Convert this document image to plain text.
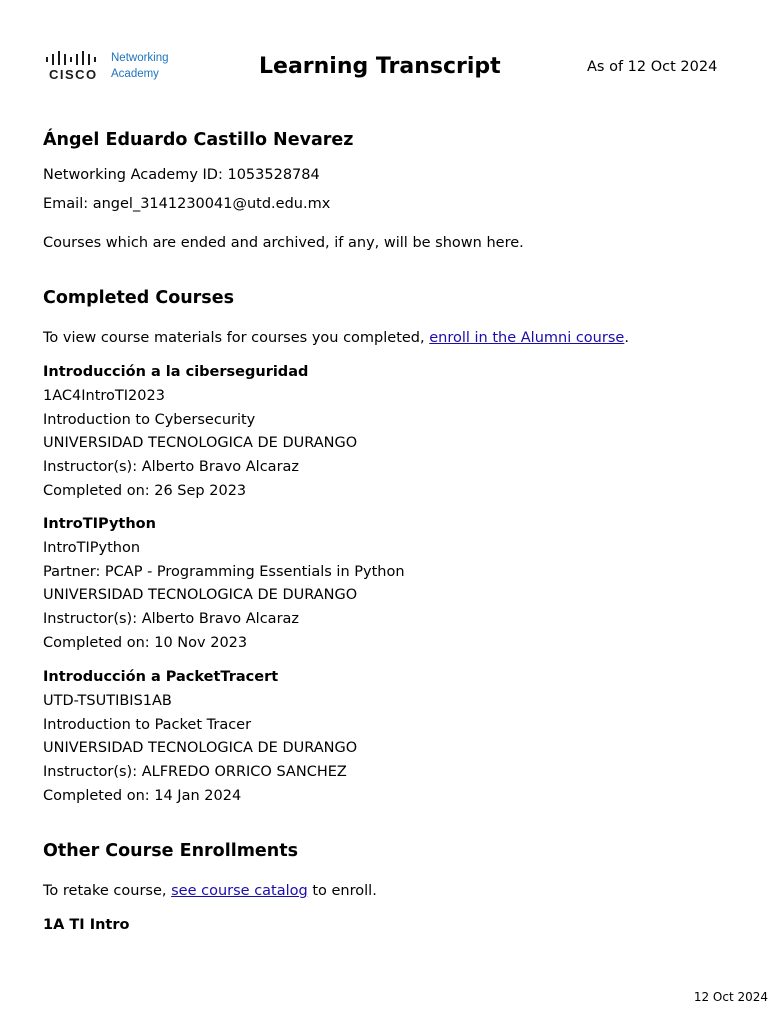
CISCO
Networking
Academy	Learning Transcript	As of 12 Oct 2024
Ángel Eduardo Castillo Nevarez
Networking Academy ID: 1053528784
Email: angel_3141230041@utd.edu.mx
Courses which are ended and archived, if any, will be shown here.
Completed Courses
To view course materials for courses you completed, enroll in the Alumni course.
Introducción a la ciberseguridad
1AC4IntroTI2023
Introduction to Cybersecurity
UNIVERSIDAD TECNOLOGICA DE DURANGO
Instructor(s): Alberto Bravo Alcaraz
Completed on: 26 Sep 2023
IntroTIPython
IntroTIPython
Partner: PCAP - Programming Essentials in Python
UNIVERSIDAD TECNOLOGICA DE DURANGO
Instructor(s): Alberto Bravo Alcaraz
Completed on: 10 Nov 2023
Introducción a PacketTracert
UTD-TSUTIBIS1AB
Introduction to Packet Tracer
UNIVERSIDAD TECNOLOGICA DE DURANGO
Instructor(s): ALFREDO ORRICO SANCHEZ
Completed on: 14 Jan 2024
Other Course Enrollments
To retake course, see course catalog to enroll.
1A TI Intro
12 Oct 2024
